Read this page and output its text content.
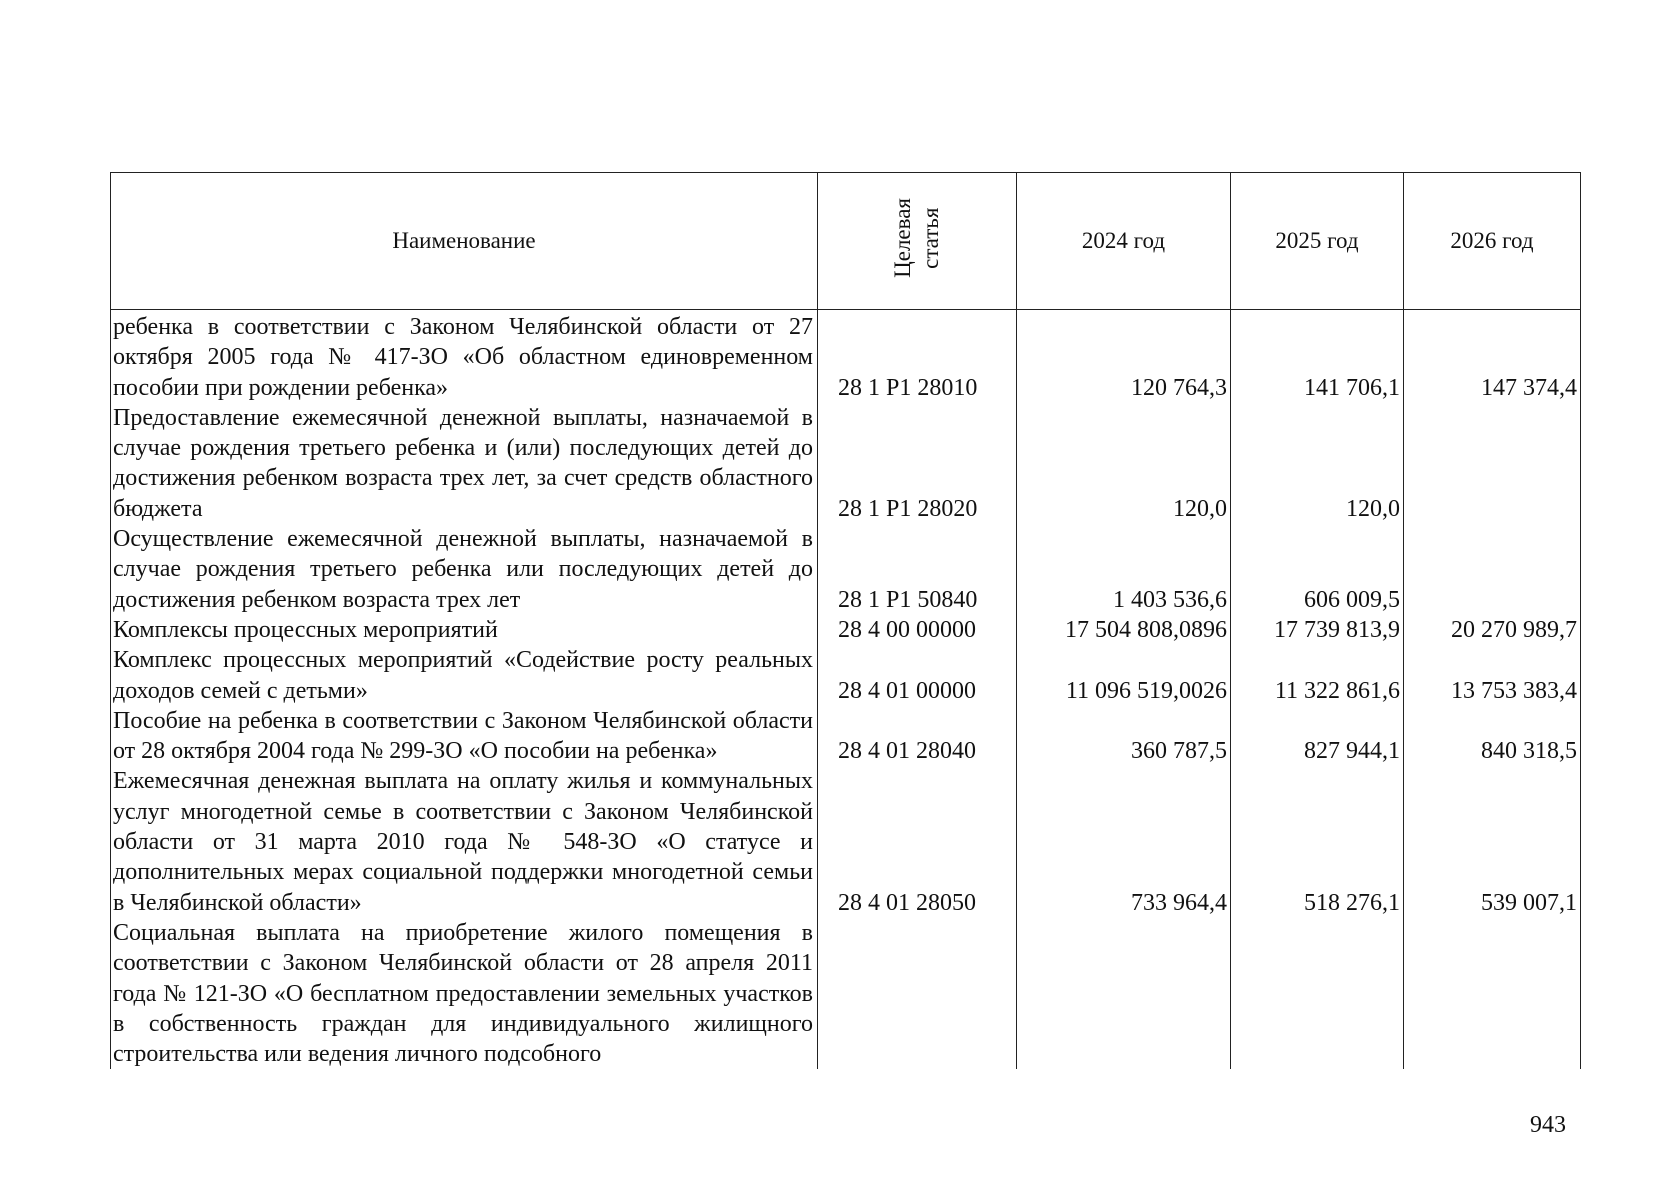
Наименование	Целевая статья	2024 год	2025 год	2026 год
ребенка в соответствии с Законом Челябинской области от 27 октября 2005 года № 417-ЗО «Об областном единовременном пособии при рождении ребенка»	28 1 P1 28010	120 764,3	141 706,1	147 374,4
Предоставление ежемесячной денежной выплаты, назначаемой в случае рождения третьего ребенка и (или) последующих детей до достижения ребенком возраста трех лет, за счет средств областного бюджета	28 1 P1 28020	120,0	120,0	
Осуществление ежемесячной денежной выплаты, назначаемой в случае рождения третьего ребенка или последующих детей до достижения ребенком возраста трех лет	28 1 P1 50840	1 403 536,6	606 009,5	
Комплексы процессных мероприятий	28 4 00 00000	17 504 808,0896	17 739 813,9	20 270 989,7
Комплекс процессных мероприятий «Содействие росту реальных доходов семей с детьми»	28 4 01 00000	11 096 519,0026	11 322 861,6	13 753 383,4
Пособие на ребенка в соответствии с Законом Челябинской области от 28 октября 2004 года № 299-ЗО «О пособии на ребенка»	28 4 01 28040	360 787,5	827 944,1	840 318,5
Ежемесячная денежная выплата на оплату жилья и коммунальных услуг многодетной семье в соответствии с Законом Челябинской области от 31 марта 2010 года № 548-ЗО «О статусе и дополнительных мерах социальной поддержки многодетной семьи в Челябинской области»	28 4 01 28050	733 964,4	518 276,1	539 007,1
Социальная выплата на приобретение жилого помещения в соответствии с Законом Челябинской области от 28 апреля 2011 года № 121-ЗО «О бесплатном предоставлении земельных участков в собственность граждан для индивидуального жилищного строительства или ведения личного подсобного				
943
